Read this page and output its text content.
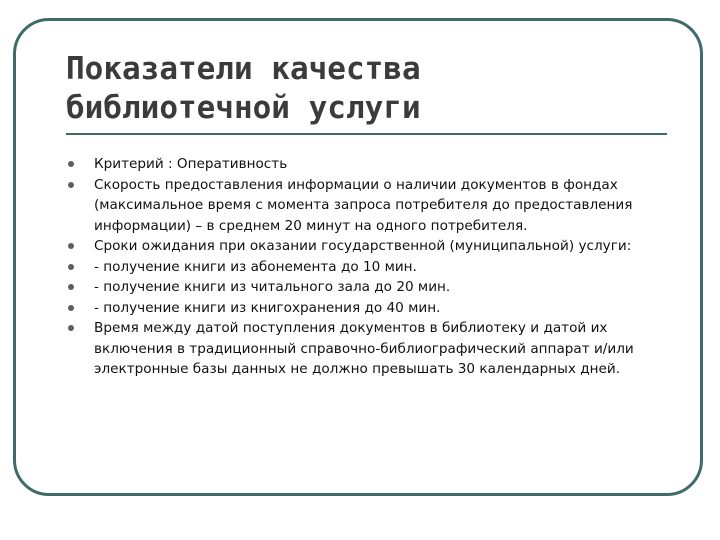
Показатели качества
библиотечной услуги
Критерий : Оперативность
Скорость предоставления информации о наличии документов в фондах (максимальное время с момента запроса потребителя до предоставления информации) – в среднем 20 минут на одного потребителя.
Сроки ожидания при оказании государственной (муниципальной) услуги:
- получение книги из абонемента до 10 мин.
- получение книги из читального зала до 20 мин.
- получение книги из книгохранения до 40 мин.
Время между датой поступления документов в библиотеку и датой их включения в традиционный справочно-библиографический аппарат и/или электронные базы данных не должно превышать 30 календарных дней.
